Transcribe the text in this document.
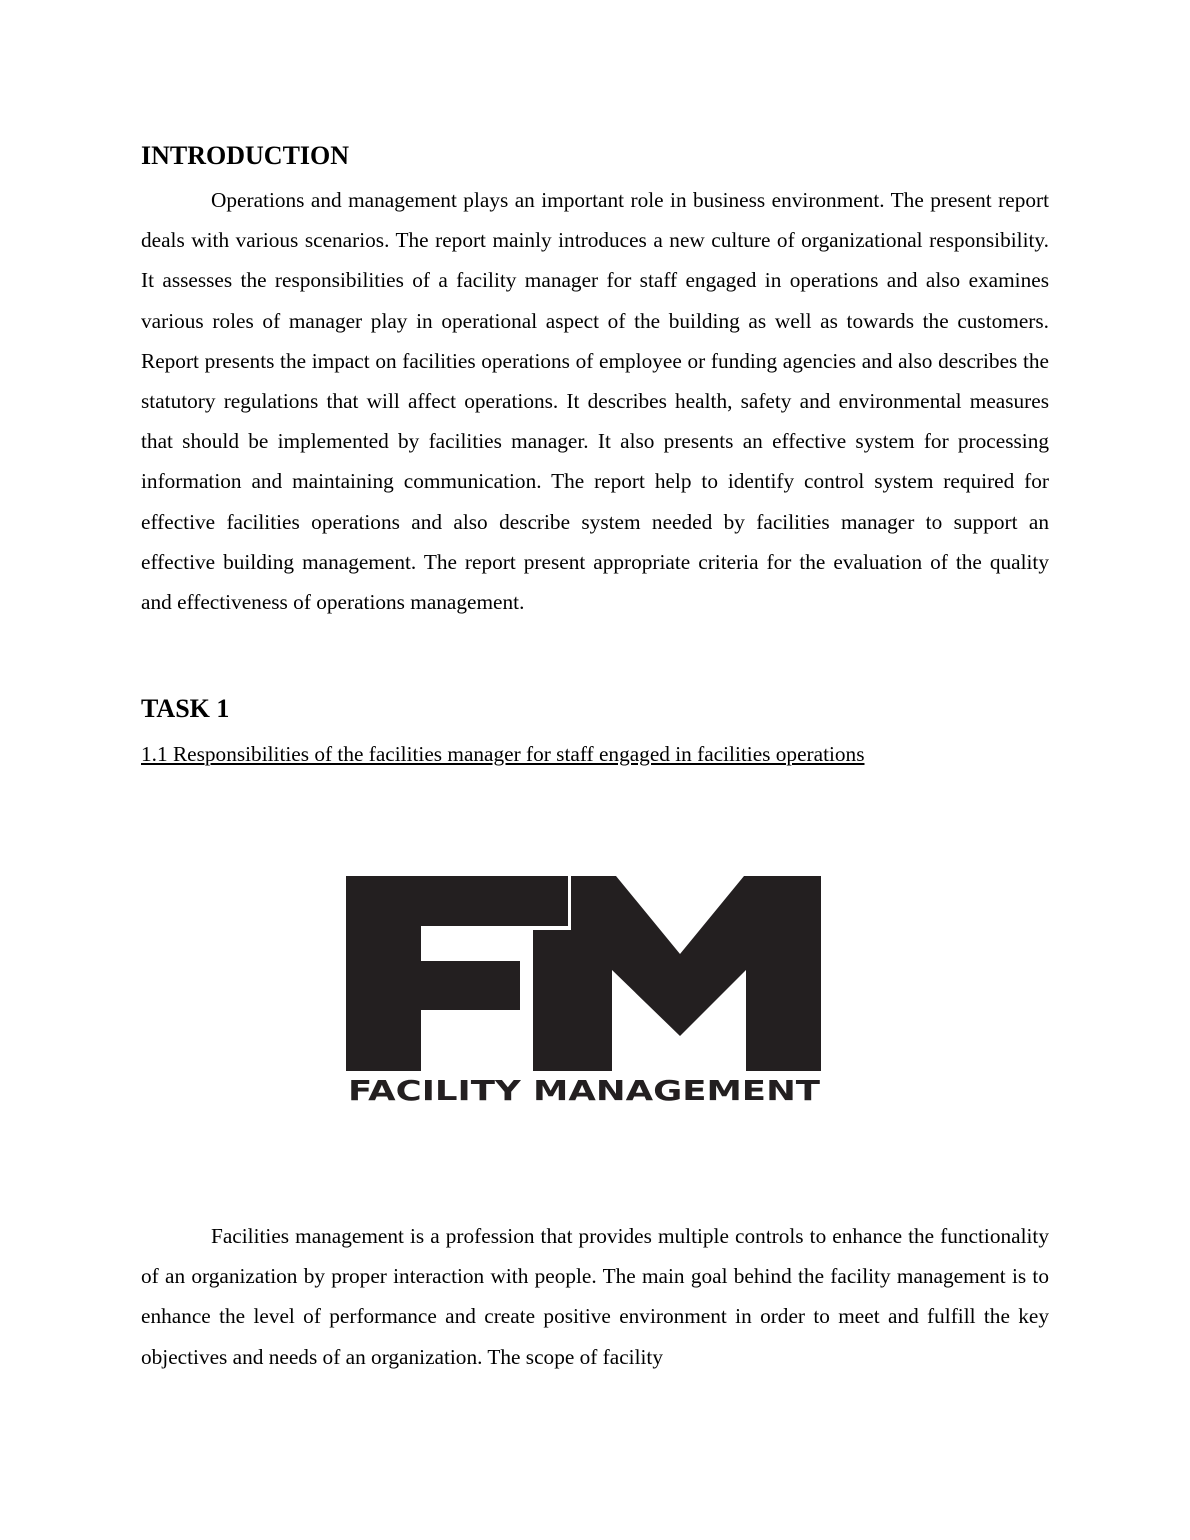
INTRODUCTION

Operations and management plays an important role in business environment. The present report deals with various scenarios. The report mainly introduces a new culture of organizational responsibility. It assesses the responsibilities of a facility manager for staff engaged in operations and also examines various roles of manager play in operational aspect of the building as well as towards the customers. Report presents the impact on facilities operations of employee or funding agencies and also describes the statutory regulations that will affect operations. It describes health, safety and environmental measures that should be implemented by facilities manager. It also presents an effective system for processing information and maintaining communication. The report help to identify control system required for effective facilities operations and also describe system needed by facilities manager to support an effective building management. The report present appropriate criteria for the evaluation of the quality and effectiveness of operations management.

TASK 1

1.1 Responsibilities of the facilities manager for staff engaged in facilities operations

FACILITY MANAGEMENT

Facilities management is a profession that provides multiple controls to enhance the functionality of an organization by proper interaction with people. The main goal behind the facility management is to enhance the level of performance and create positive environment in order to meet and fulfill the key objectives and needs of an organization. The scope of facility
